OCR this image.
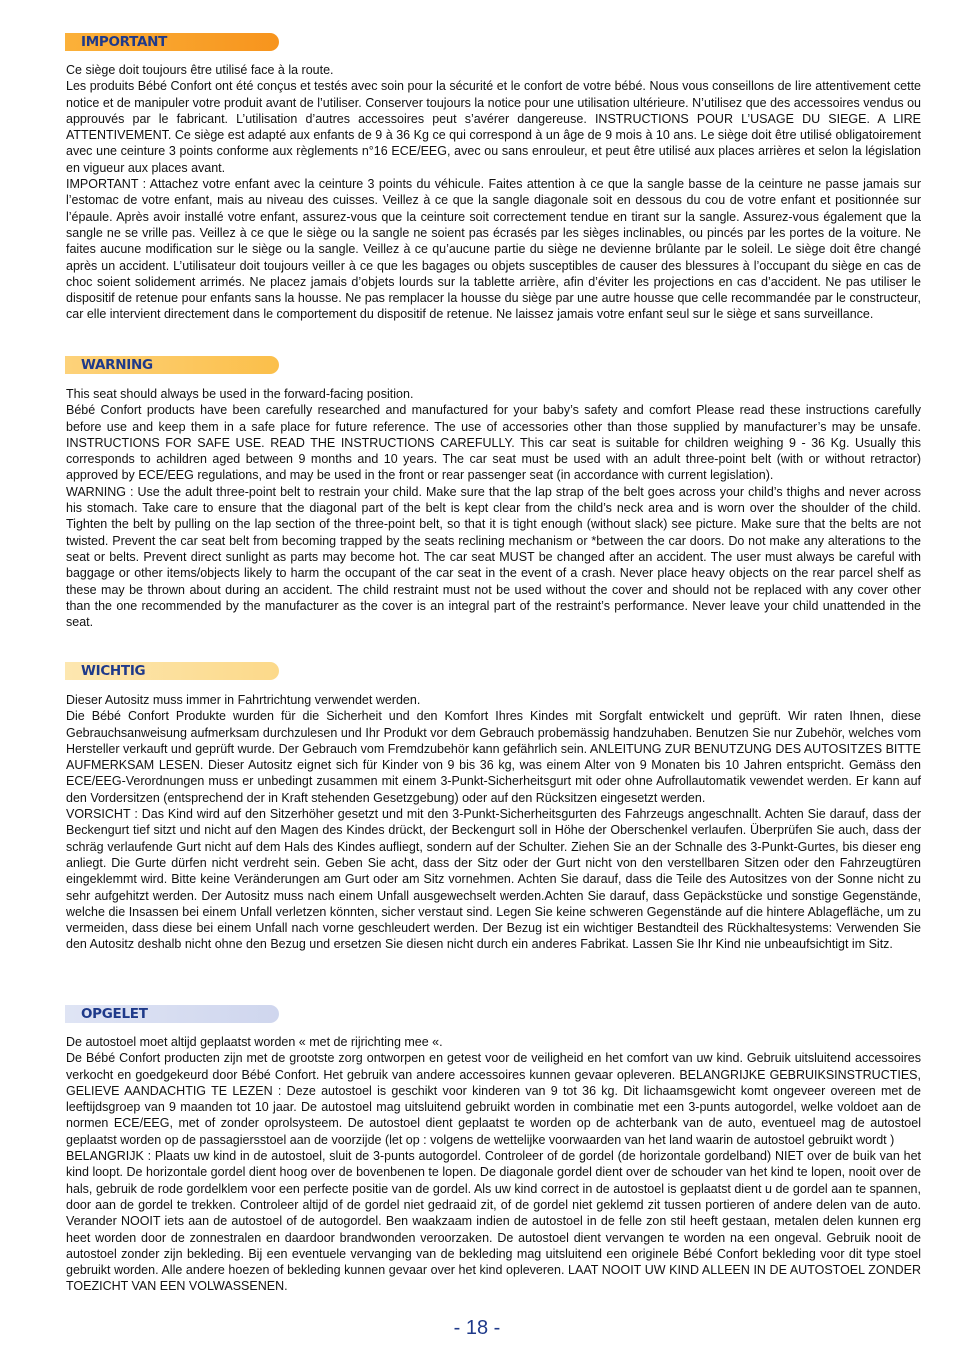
IMPORTANT

Ce siège doit toujours être utilisé face à la route.

Les produits Bébé Confort ont été conçus et testés avec soin pour la sécurité et le confort de votre bébé. Nous vous conseillons de lire attentivement cette notice et de manipuler votre produit avant de l’utiliser. Conserver toujours la notice pour une utilisation ultérieure. N’utilisez que des accessoires vendus ou approuvés par le fabricant. L’utilisation d’autres accessoires peut s’avérer dangereuse. INSTRUCTIONS POUR L’USAGE DU SIEGE. A LIRE ATTENTIVEMENT. Ce siège est adapté aux enfants de 9 à 36 Kg ce qui correspond à un âge de 9 mois à 10 ans. Le siège doit être utilisé obligatoirement avec une ceinture 3 points conforme aux règlements n°16 ECE/EEG, avec ou sans enrouleur, et peut être utilisé aux places arrières et selon la législation en vigueur aux places avant.

IMPORTANT : Attachez votre enfant avec la ceinture 3 points du véhicule. Faites attention à ce que la sangle basse de la ceinture ne passe jamais sur l’estomac de votre enfant, mais au niveau des cuisses. Veillez à ce que la sangle diagonale soit en dessous du cou de votre enfant et positionnée sur l’épaule. Après avoir installé votre enfant, assurez-vous que la ceinture soit correctement tendue en tirant sur la sangle. Assurez-vous également que la sangle ne se vrille pas. Veillez à ce que le siège ou la sangle ne soient pas écrasés par les sièges inclinables, ou pincés par les portes de la voiture. Ne faites aucune modification sur le siège ou la sangle. Veillez à ce qu’aucune partie du siège ne devienne brûlante par le soleil. Le siège doit être changé après un accident. L’utilisateur doit toujours veiller à ce que les bagages ou objets susceptibles de causer des blessures à l’occupant du siège en cas de choc soient solidement arrimés. Ne placez jamais d’objets lourds sur la tablette arrière, afin d’éviter les projections en cas d’accident. Ne pas utiliser le dispositif de retenue pour enfants sans la housse. Ne pas remplacer la housse du siège par une autre housse que celle recommandée par le constructeur, car elle intervient directement dans le comportement du dispositif de retenue. Ne laissez jamais votre enfant seul sur le siège et sans surveillance.

WARNING

This seat should always be used in the forward-facing position.

Bébé Confort products have been carefully researched and manufactured for your baby’s safety and comfort Please read these instructions carefully before use and keep them in a safe place for future reference. The use of accessories other than those supplied by manufacturer’s may be unsafe. INSTRUCTIONS FOR SAFE USE. READ THE INSTRUCTIONS CAREFULLY. This car seat is suitable for children weighing 9 - 36 Kg. Usually this corresponds to achildren aged between 9 months and 10 years. The car seat must be used with an adult three-point belt (with or without retractor) approved by ECE/EEG regulations, and may be used in the front or rear passenger seat (in accordance with current legislation).

WARNING : Use the adult three-point belt to restrain your child. Make sure that the lap strap of the belt goes across your child’s thighs and never across his stomach. Take care to ensure that the diagonal part of the belt is kept clear from the child’s neck area and is worn over the shoulder of the child. Tighten the belt by pulling on the lap section of the three-point belt, so that it is tight enough (without slack) see picture. Make sure that the belts are not twisted. Prevent the car seat belt from becoming trapped by the seats reclining mechanism or *between the car doors. Do not make any alterations to the seat or belts. Prevent direct sunlight as parts may become hot. The car seat MUST be changed after an accident. The user must always be careful with baggage or other items/objects likely to harm the occupant of the car seat in the event of a crash. Never place heavy objects on the rear parcel shelf as these may be thrown about during an accident. The child restraint must not be used without the cover and should not be replaced with any cover other than the one recommended by the manufacturer as the cover is an integral part of the restraint’s performance. Never leave your child unattended in the seat.

WICHTIG

Dieser Autositz muss immer in Fahrtrichtung verwendet werden.

Die Bébé Confort Produkte wurden für die Sicherheit und den Komfort Ihres Kindes mit Sorgfalt entwickelt und geprüft. Wir raten Ihnen, diese Gebrauchsanweisung aufmerksam durchzulesen und Ihr Produkt vor dem Gebrauch probemässig handzuhaben. Benutzen Sie nur Zubehör, welches vom Hersteller verkauft und geprüft wurde. Der Gebrauch vom Fremdzubehör kann gefährlich sein. ANLEITUNG ZUR BENUTZUNG DES AUTOSITZES BITTE AUFMERKSAM LESEN. Dieser Autositz eignet sich für Kinder von 9 bis 36 kg, was einem Alter von 9 Monaten bis 10 Jahren entspricht. Gemäss den ECE/EEG-Verordnungen muss er unbedingt zusammen mit einem 3-Punkt-Sicherheitsgurt mit oder ohne Aufrollautomatik vewendet werden. Er kann auf den Vordersitzen (entsprechend der in Kraft stehenden Gesetzgebung) oder auf den Rücksitzen eingesetzt werden.

VORSICHT : Das Kind wird auf den Sitzerhöher gesetzt und mit den 3-Punkt-Sicherheitsgurten des Fahrzeugs angeschnallt. Achten Sie darauf, dass der Beckengurt tief sitzt und nicht auf den Magen des Kindes drückt, der Beckengurt soll in Höhe der Oberschenkel verlaufen. Überprüfen Sie auch, dass der schräg verlaufende Gurt nicht auf dem Hals des Kindes aufliegt, sondern auf der Schulter. Ziehen Sie an der Schnalle des 3-Punkt-Gurtes, bis dieser eng anliegt. Die Gurte dürfen nicht verdreht sein. Geben Sie acht, dass der Sitz oder der Gurt nicht von den verstellbaren Sitzen oder den Fahrzeugtüren eingeklemmt wird. Bitte keine Veränderungen am Gurt oder am Sitz vornehmen. Achten Sie darauf, dass die Teile des Autositzes von der Sonne nicht zu sehr aufgehitzt werden. Der Autositz muss nach einem Unfall ausgewechselt werden.Achten Sie darauf, dass Gepäckstücke und sonstige Gegenstände, welche die Insassen bei einem Unfall verletzen könnten, sicher verstaut sind. Legen Sie keine schweren Gegenstände auf die hintere Ablagefläche, um zu vermeiden, dass diese bei einem Unfall nach vorne geschleudert werden. Der Bezug ist ein wichtiger Bestandteil des Rückhaltesystems: Verwenden Sie den Autositz deshalb nicht ohne den Bezug und ersetzen Sie diesen nicht durch ein anderes Fabrikat. Lassen Sie Ihr Kind nie unbeaufsichtigt im Sitz.

OPGELET

De autostoel moet altijd geplaatst worden « met de rijrichting mee «.

De Bébé Confort producten zijn met de grootste zorg ontworpen en getest voor de veiligheid en het comfort van uw kind. Gebruik uitsluitend accessoires verkocht en goedgekeurd door Bébé Confort. Het gebruik van andere accessoires kunnen gevaar opleveren. BELANGRIJKE GEBRUIKSINSTRUCTIES, GELIEVE AANDACHTIG TE LEZEN : Deze autostoel is geschikt voor kinderen van 9 tot 36 kg. Dit lichaamsgewicht komt ongeveer overeen met de leeftijdsgroep van 9 maanden tot 10 jaar. De autostoel mag uitsluitend gebruikt worden in combinatie met een 3-punts autogordel, welke voldoet aan de normen ECE/EEG, met of zonder oprolsysteem. De autostoel dient geplaatst te worden op de achterbank van de auto, eventueel mag de autostoel geplaatst worden op de passagiersstoel aan de voorzijde (let op : volgens de wettelijke voorwaarden van het land waarin de autostoel gebruikt wordt )

BELANGRIJK : Plaats uw kind in de autostoel, sluit de 3-punts autogordel. Controleer of de gordel (de horizontale gordelband) NIET over de buik van het kind loopt. De horizontale gordel dient hoog over de bovenbenen te lopen. De diagonale gordel dient over de schouder van het kind te lopen, nooit over de hals, gebruik de rode gordelklem voor een perfecte positie van de gordel. Als uw kind correct in de autostoel is geplaatst dient u de gordel aan te spannen, door aan de gordel te trekken. Controleer altijd of de gordel niet gedraaid zit, of de gordel niet geklemd zit tussen portieren of andere delen van de auto. Verander NOOIT iets aan de autostoel of de autogordel. Ben waakzaam indien de autostoel in de felle zon stil heeft gestaan, metalen delen kunnen erg heet worden door de zonnestralen en daardoor brandwonden veroorzaken. De autostoel dient vervangen te worden na een ongeval. Gebruik nooit de autostoel zonder zijn bekleding. Bij een eventuele vervanging van de bekleding mag uitsluitend een originele Bébé Confort bekleding voor dit type stoel gebruikt worden. Alle andere hoezen of bekleding kunnen gevaar over het kind opleveren. LAAT NOOIT UW KIND ALLEEN IN DE AUTOSTOEL ZONDER TOEZICHT VAN EEN VOLWASSENEN.

- 18 -
